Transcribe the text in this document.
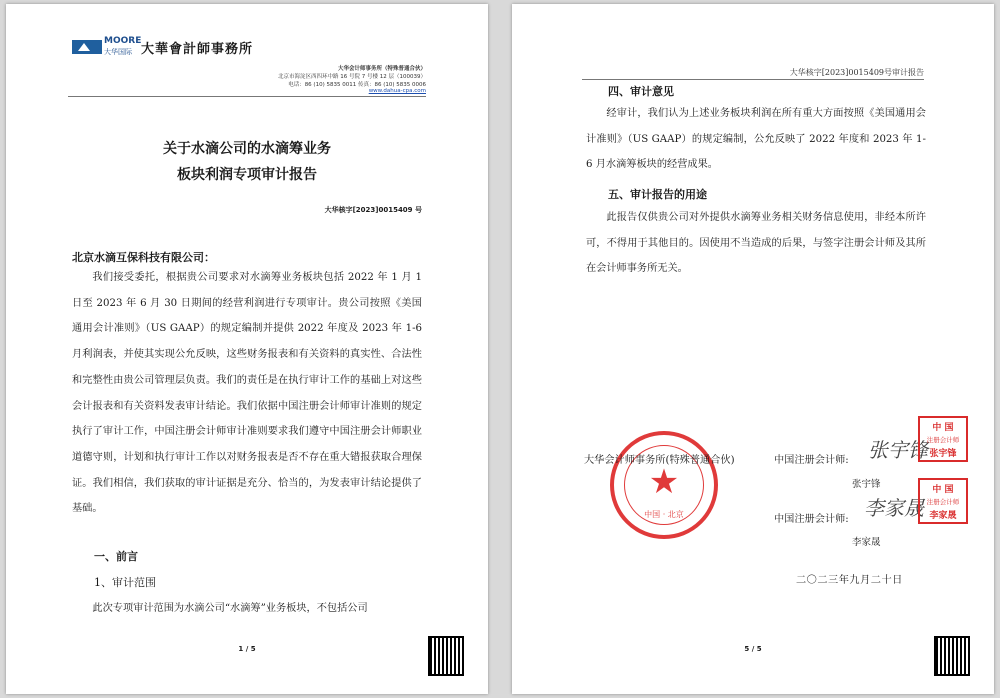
MOORE
大华国际 大華會計師事務所
大华会计师事务所（特殊普通合伙）
北京市海淀区西四环中路 16 号院 7 号楼 12 层（100039）
电话：86 (10) 5835 0011 传真：86 (10) 5835 0006
www.dahua-cpa.com
关于水滴公司的水滴筹业务
板块利润专项审计报告
大华核字[2023]0015409 号
北京水滴互保科技有限公司：

我们接受委托，根据贵公司要求对水滴筹业务板块包括 2022 年 1 月 1 日至 2023 年 6 月 30 日期间的经营利润进行专项审计。贵公司按照《美国通用会计准则》（US GAAP）的规定编制并提供 2022 年度及 2023 年 1-6 月利润表，并使其实现公允反映，这些财务报表和有关资料的真实性、合法性和完整性由贵公司管理层负责。我们的责任是在执行审计工作的基础上对这些会计报表和有关资料发表审计结论。我们依据中国注册会计师审计准则的规定执行了审计工作，中国注册会计师审计准则要求我们遵守中国注册会计师职业道德守则，计划和执行审计工作以对财务报表是否不存在重大错报获取合理保证。我们相信，我们获取的审计证据是充分、恰当的，为发表审计结论提供了基础。

一、前言
1、审计范围

此次专项审计范围为水滴公司“水滴筹”业务板块，不包括公司

1 / 5
大华核字[2023]0015409号审计报告
四、审计意见

经审计，我们认为上述业务板块利润在所有重大方面按照《美国通用会计准则》（US GAAP）的规定编制，公允反映了 2022 年度和 2023 年 1-6 月水滴筹板块的经营成果。

五、审计报告的用途

此报告仅供贵公司对外提供水滴筹业务相关财务信息使用，非经本所许可，不得用于其他目的。因使用不当造成的后果，与签字注册会计师及其所在会计师事务所无关。

★
中国 · 北京
大华会计师事务所(特殊普通合伙)	中国注册会计师: 张宇锋
张宇锋
中 国
注册会计师
张宇锋
中国注册会计师: 李家晟
李家晟
中 国
注册会计师
李家晟
二〇二三年九月二十日
5 / 5
